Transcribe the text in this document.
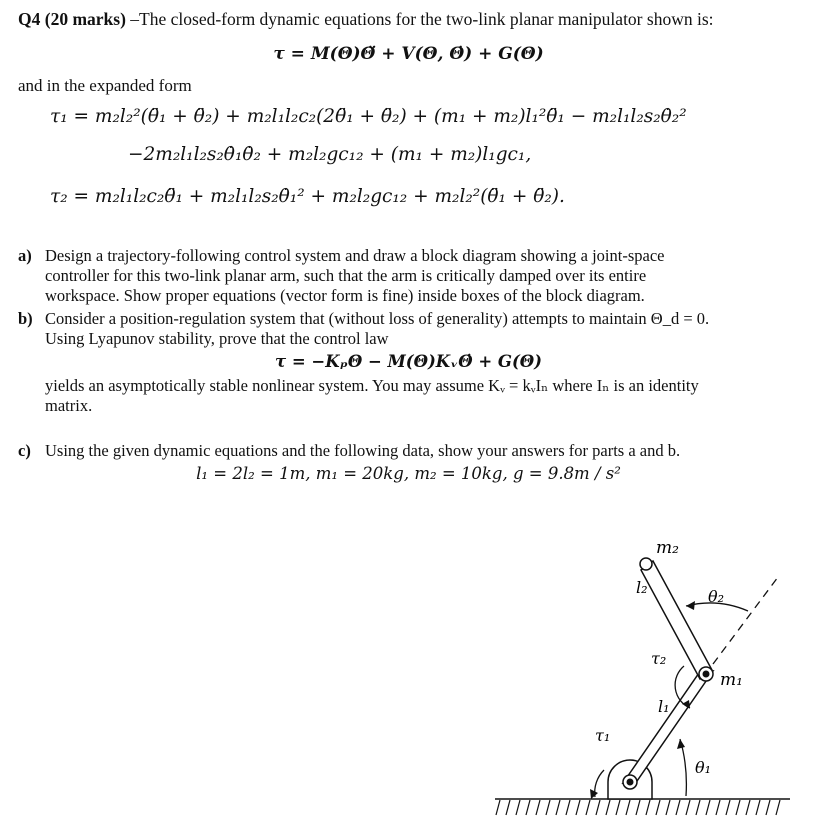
Q4 (20 marks) –The closed-form dynamic equations for the two-link planar manipulator shown is:
τ = M(Θ)Θ̈ + V(Θ, Θ̇) + G(Θ)
and in the expanded form
τ₁ = m₂l₂²(θ̈₁ + θ̈₂) + m₂l₁l₂c₂(2θ̈₁ + θ̈₂) + (m₁ + m₂)l₁²θ̈₁ − m₂l₁l₂s₂θ̇₂²
−2m₂l₁l₂s₂θ̇₁θ̇₂ + m₂l₂gc₁₂ + (m₁ + m₂)l₁gc₁,
τ₂ = m₂l₁l₂c₂θ̈₁ + m₂l₁l₂s₂θ̇₁² + m₂l₂gc₁₂ + m₂l₂²(θ̈₁ + θ̈₂).
a) Design a trajectory-following control system and draw a block diagram showing a joint-space
controller for this two-link planar arm, such that the arm is critically damped over its entire
workspace. Show proper equations (vector form is fine) inside boxes of the block diagram.
b) Consider a position-regulation system that (without loss of generality) attempts to maintain Θ_d = 0.
Using Lyapunov stability, prove that the control law
τ = −KₚΘ − M(Θ)KᵥΘ̇ + G(Θ)
yields an asymptotically stable nonlinear system. You may assume Kᵥ = kᵥIₙ where Iₙ is an identity
matrix.
c) Using the given dynamic equations and the following data, show your answers for parts a and b.
l₁ = 2l₂ = 1m, m₁ = 20kg, m₂ = 10kg, g = 9.8m / s²
m₂
m₁
l₂
l₁
τ₂
τ₁
θ₂
θ₁
